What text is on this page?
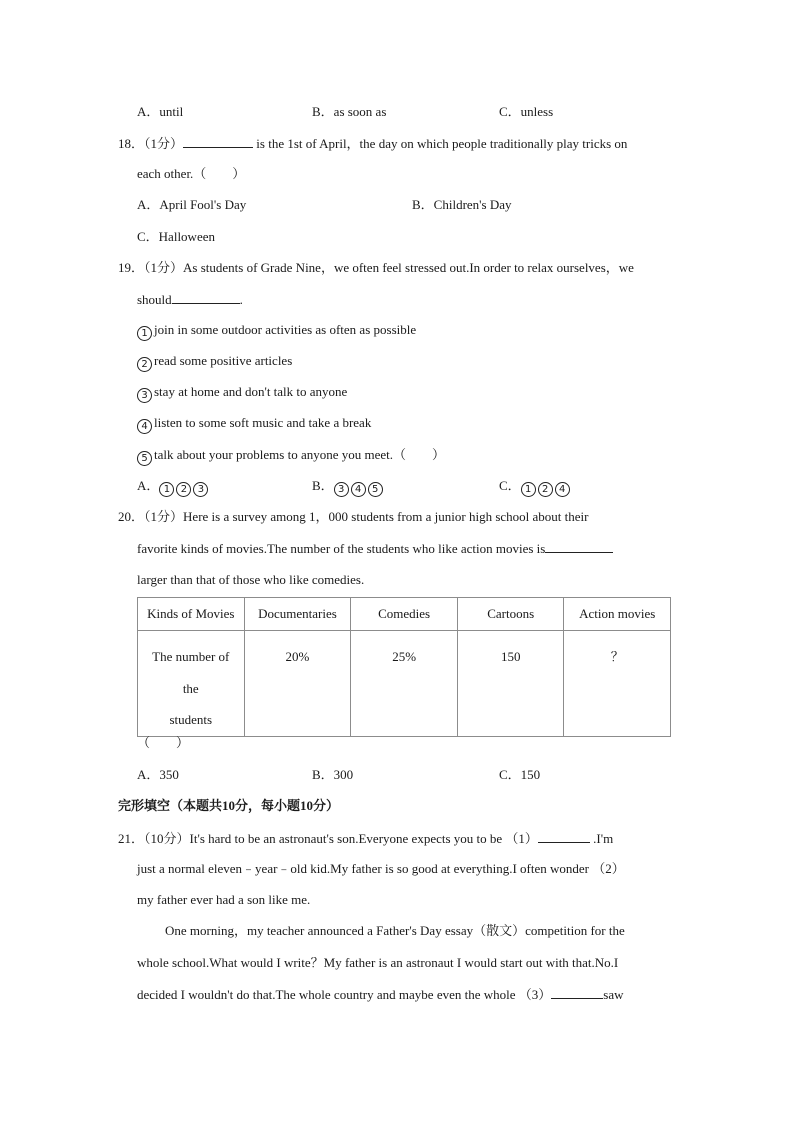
A．until	B．as soon as	C．unless
18．（1分）	is the 1st of April，the day on which people traditionally play tricks on
each other.（　　）
A．April Fool's Day	B．Children's Day
C．Halloween
19．（1分）As students of Grade Nine，we often feel stressed out.In order to relax ourselves，we
should	.
1 join in some outdoor activities as often as possible
2 read some positive articles
3 stay at home and don't talk to anyone
4 listen to some soft music and take a break
5 talk about your problems to anyone you meet.（　　）
A． 1 2 3	B． 3 4 5	C． 1 2 4
20．（1分）Here is a survey among 1，000 students from a junior high school about their
favorite kinds of movies.The number of the students who like action movies is
larger than that of those who like comedies.
Kinds of Movies	Documentaries	Comedies	Cartoons	Action movies

The number of
the
students	20%	25%	150	？
（　　）
A．350	B．300	C．150
完形填空（本题共10分，每小题10分）
21．（10分）It's hard to be an astronaut's son.Everyone expects you to be （1）	.I'm
just a normal eleven﹣year﹣old kid.My father is so good at everything.I often wonder （2）
my father ever had a son like me.
One morning，my teacher announced a Father's Day essay（散文）competition for the
whole school.What would I write？My father is an astronaut I would start out with that.No.I
decided I wouldn't do that.The whole country and maybe even the whole （3）	saw
